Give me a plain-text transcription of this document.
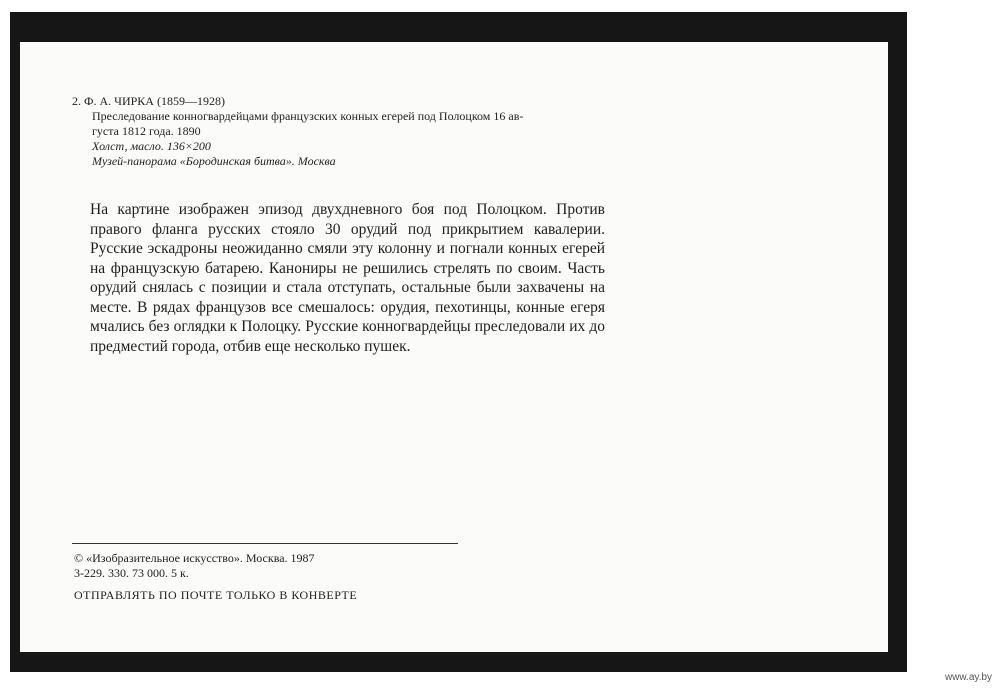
2. Ф. А. ЧИРКА (1859—1928)
Преследование конногвардейцами французских конных егерей под Полоцком 16 ав-
густа 1812 года. 1890
Холст, масло. 136×200
Музей-панорама «Бородинская битва». Москва
На картине изображен эпизод двухдневного боя под Полоцком. Против правого фланга русских стояло 30 орудий под прикрытием кавалерии. Русские эскадроны неожиданно смяли эту колонну и погнали конных егерей на французскую батарею. Канониры не решились стрелять по своим. Часть орудий снялась с позиции и стала отступать, остальные были захвачены на месте. В рядах французов все смешалось: орудия, пехотинцы, конные егеря мчались без оглядки к Полоцку. Русские конногвардейцы преследовали их до предместий города, отбив еще несколько пушек.
© «Изобразительное искусство». Москва. 1987
3-229. 330. 73 000. 5 к.
ОТПРАВЛЯТЬ ПО ПОЧТЕ ТОЛЬКО В КОНВЕРТЕ
www.ay.by
